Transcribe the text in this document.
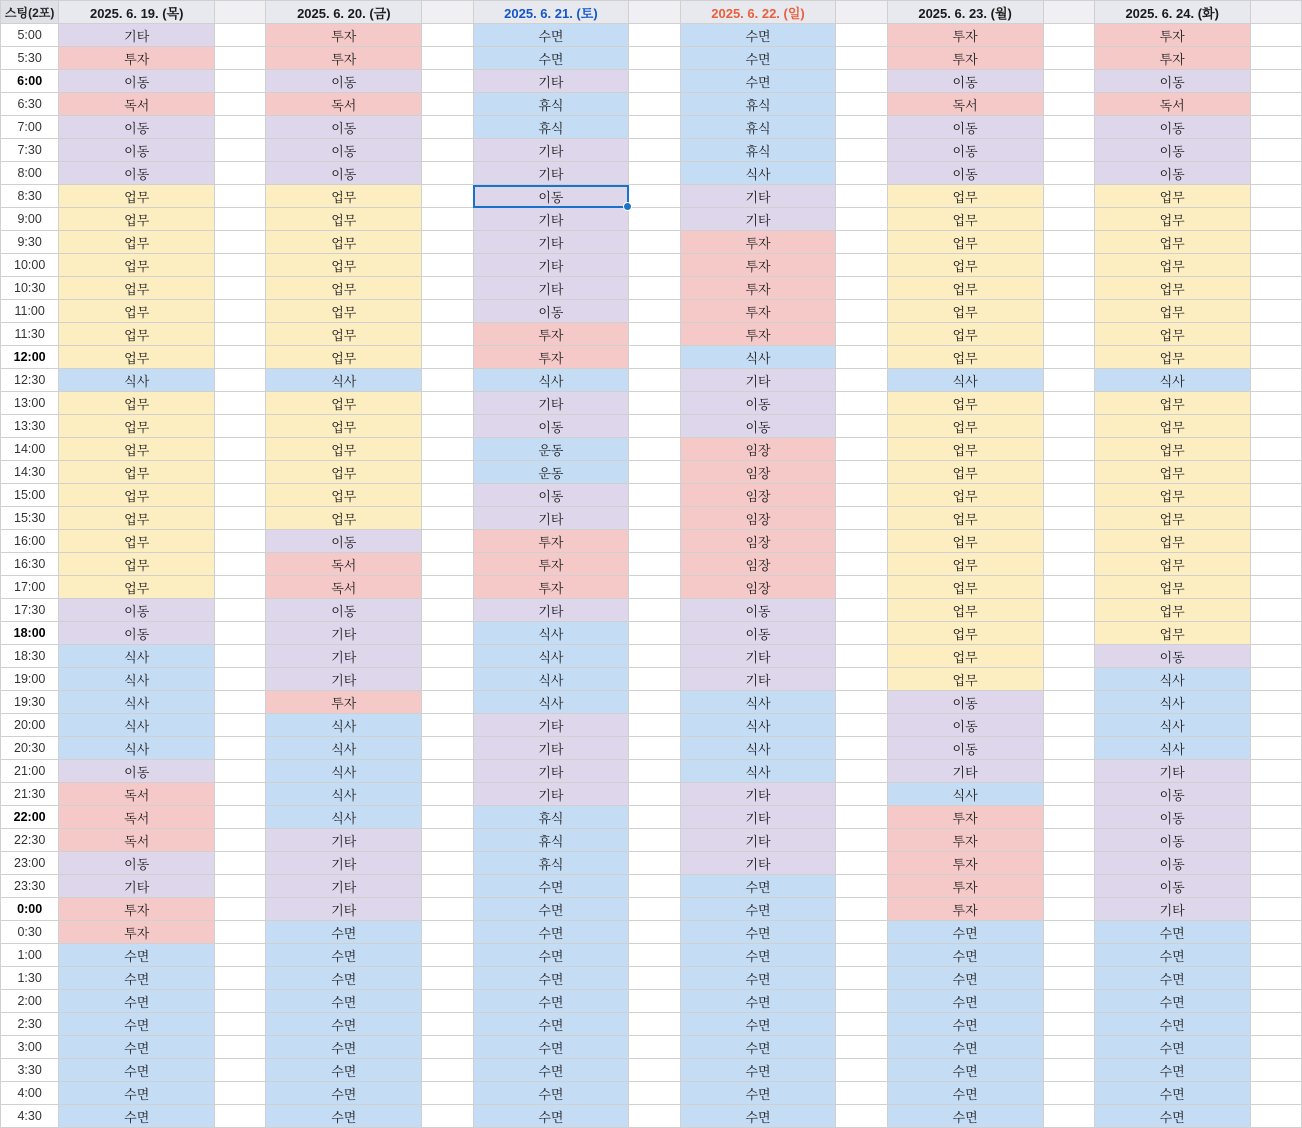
스팅(2포)	2025. 6. 19. (목)		2025. 6. 20. (금)		2025. 6. 21. (토)		2025. 6. 22. (일)		2025. 6. 23. (월)		2025. 6. 24. (화)	
5:00	기타		투자		수면		수면		투자		투자	
5:30	투자		투자		수면		수면		투자		투자	
6:00	이동		이동		기타		수면		이동		이동	
6:30	독서		독서		휴식		휴식		독서		독서	
7:00	이동		이동		휴식		휴식		이동		이동	
7:30	이동		이동		기타		휴식		이동		이동	
8:00	이동		이동		기타		식사		이동		이동	
8:30	업무		업무		이동		기타		업무		업무	
9:00	업무		업무		기타		기타		업무		업무	
9:30	업무		업무		기타		투자		업무		업무	
10:00	업무		업무		기타		투자		업무		업무	
10:30	업무		업무		기타		투자		업무		업무	
11:00	업무		업무		이동		투자		업무		업무	
11:30	업무		업무		투자		투자		업무		업무	
12:00	업무		업무		투자		식사		업무		업무	
12:30	식사		식사		식사		기타		식사		식사	
13:00	업무		업무		기타		이동		업무		업무	
13:30	업무		업무		이동		이동		업무		업무	
14:00	업무		업무		운동		임장		업무		업무	
14:30	업무		업무		운동		임장		업무		업무	
15:00	업무		업무		이동		임장		업무		업무	
15:30	업무		업무		기타		임장		업무		업무	
16:00	업무		이동		투자		임장		업무		업무	
16:30	업무		독서		투자		임장		업무		업무	
17:00	업무		독서		투자		임장		업무		업무	
17:30	이동		이동		기타		이동		업무		업무	
18:00	이동		기타		식사		이동		업무		업무	
18:30	식사		기타		식사		기타		업무		이동	
19:00	식사		기타		식사		기타		업무		식사	
19:30	식사		투자		식사		식사		이동		식사	
20:00	식사		식사		기타		식사		이동		식사	
20:30	식사		식사		기타		식사		이동		식사	
21:00	이동		식사		기타		식사		기타		기타	
21:30	독서		식사		기타		기타		식사		이동	
22:00	독서		식사		휴식		기타		투자		이동	
22:30	독서		기타		휴식		기타		투자		이동	
23:00	이동		기타		휴식		기타		투자		이동	
23:30	기타		기타		수면		수면		투자		이동	
0:00	투자		기타		수면		수면		투자		기타	
0:30	투자		수면		수면		수면		수면		수면	
1:00	수면		수면		수면		수면		수면		수면	
1:30	수면		수면		수면		수면		수면		수면	
2:00	수면		수면		수면		수면		수면		수면	
2:30	수면		수면		수면		수면		수면		수면	
3:00	수면		수면		수면		수면		수면		수면	
3:30	수면		수면		수면		수면		수면		수면	
4:00	수면		수면		수면		수면		수면		수면	
4:30	수면		수면		수면		수면		수면		수면	
